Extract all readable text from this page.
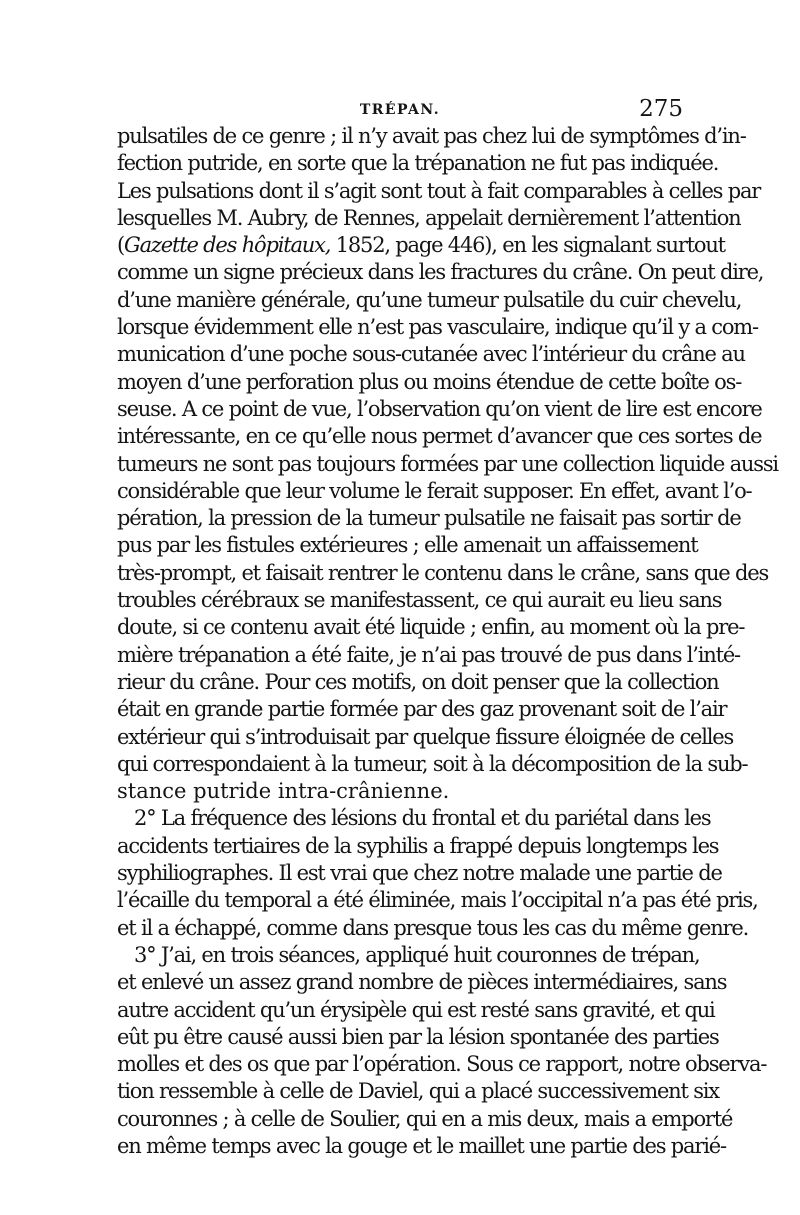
TRÉPAN.	275

pulsatiles de ce genre ; il n’y avait pas chez lui de symptômes d’in-
fection putride, en sorte que la trépanation ne fut pas indiquée.
Les pulsations dont il s’agit sont tout à fait comparables à celles par
lesquelles M. Aubry, de Rennes, appelait dernièrement l’attention
(Gazette des hôpitaux, 1852, page 446), en les signalant surtout
comme un signe précieux dans les fractures du crâne. On peut dire,
d’une manière générale, qu’une tumeur pulsatile du cuir chevelu,
lorsque évidemment elle n’est pas vasculaire, indique qu’il y a com-
munication d’une poche sous-cutanée avec l’intérieur du crâne au
moyen d’une perforation plus ou moins étendue de cette boîte os-
seuse. A ce point de vue, l’observation qu’on vient de lire est encore
intéressante, en ce qu’elle nous permet d’avancer que ces sortes de
tumeurs ne sont pas toujours formées par une collection liquide aussi
considérable que leur volume le ferait supposer. En effet, avant l’o-
pération, la pression de la tumeur pulsatile ne faisait pas sortir de
pus par les fistules extérieures ; elle amenait un affaissement
très-prompt, et faisait rentrer le contenu dans le crâne, sans que des
troubles cérébraux se manifestassent, ce qui aurait eu lieu sans
doute, si ce contenu avait été liquide ; enfin, au moment où la pre-
mière trépanation a été faite, je n’ai pas trouvé de pus dans l’inté-
rieur du crâne. Pour ces motifs, on doit penser que la collection
était en grande partie formée par des gaz provenant soit de l’air
extérieur qui s’introduisait par quelque fissure éloignée de celles
qui correspondaient à la tumeur, soit à la décomposition de la sub-
stance putride intra-crânienne.

2° La fréquence des lésions du frontal et du pariétal dans les
accidents tertiaires de la syphilis a frappé depuis longtemps les
syphiliographes. Il est vrai que chez notre malade une partie de
l’écaille du temporal a été éliminée, mais l’occipital n’a pas été pris,
et il a échappé, comme dans presque tous les cas du même genre.

3° J’ai, en trois séances, appliqué huit couronnes de trépan,
et enlevé un assez grand nombre de pièces intermédiaires, sans
autre accident qu’un érysipèle qui est resté sans gravité, et qui
eût pu être causé aussi bien par la lésion spontanée des parties
molles et des os que par l’opération. Sous ce rapport, notre observa-
tion ressemble à celle de Daviel, qui a placé successivement six
couronnes ; à celle de Soulier, qui en a mis deux, mais a emporté
en même temps avec la gouge et le maillet une partie des parié-
